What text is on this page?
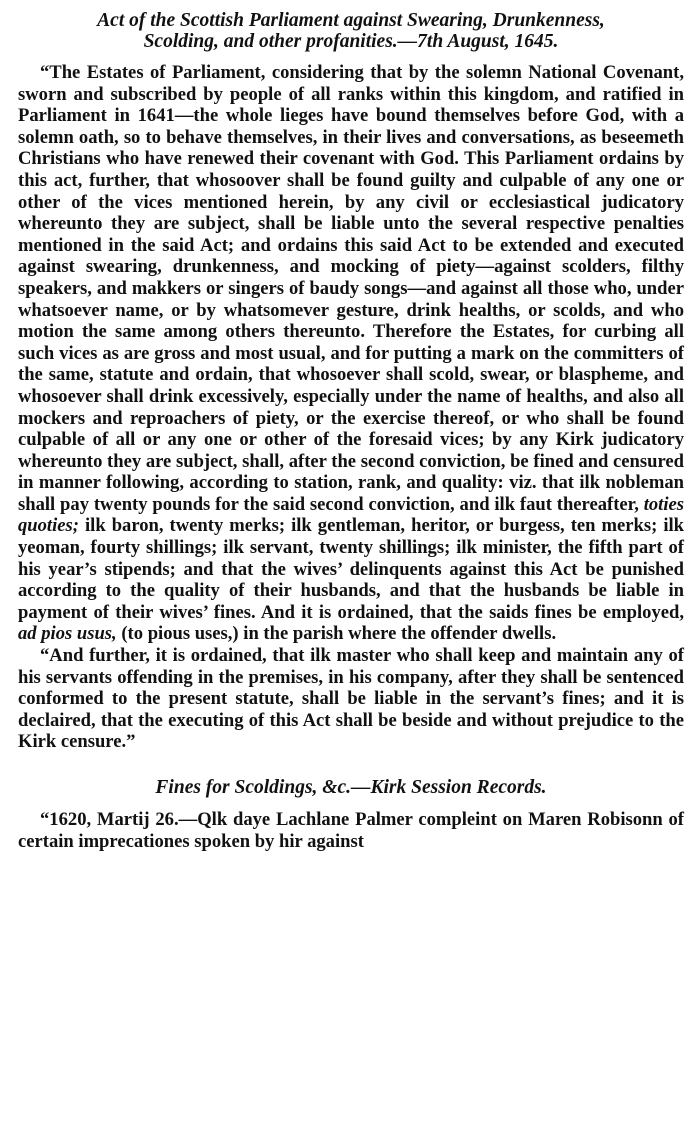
Act of the Scottish Parliament against Swearing, Drunkenness,
Scolding, and other profanities.—7th August, 1645.

“The Estates of Parliament, considering that by the solemn National Covenant, sworn and subscribed by people of all ranks within this kingdom, and ratified in Parliament in 1641—the whole lieges have bound themselves before God, with a solemn oath, so to behave themselves, in their lives and conversations, as beseemeth Christians who have renewed their covenant with God. This Parliament ordains by this act, further, that whosoover shall be found guilty and culpable of any one or other of the vices mentioned herein, by any civil or ecclesiastical judicatory whereunto they are subject, shall be liable unto the several respective penalties mentioned in the said Act; and ordains this said Act to be extended and executed against swearing, drunkenness, and mocking of piety—against scolders, filthy speakers, and makkers or singers of baudy songs—and against all those who, under whatsoever name, or by whatsomever gesture, drink healths, or scolds, and who motion the same among others thereunto. Therefore the Estates, for curbing all such vices as are gross and most usual, and for putting a mark on the committers of the same, statute and ordain, that whosoever shall scold, swear, or blaspheme, and whosoever shall drink excessively, especially under the name of healths, and also all mockers and reproachers of piety, or the exercise thereof, or who shall be found culpable of all or any one or other of the foresaid vices; by any Kirk judicatory whereunto they are subject, shall, after the second conviction, be fined and censured in manner following, according to station, rank, and quality: viz. that ilk nobleman shall pay twenty pounds for the said second conviction, and ilk faut thereafter, toties quoties; ilk baron, twenty merks; ilk gentleman, heritor, or burgess, ten merks; ilk yeoman, fourty shillings; ilk servant, twenty shillings; ilk minister, the fifth part of his year’s stipends; and that the wives’ delinquents against this Act be punished according to the quality of their husbands, and that the husbands be liable in payment of their wives’ fines. And it is ordained, that the saids fines be employed, ad pios usus, (to pious uses,) in the parish where the offender dwells.

“And further, it is ordained, that ilk master who shall keep and maintain any of his servants offending in the premises, in his company, after they shall be sentenced conformed to the present statute, shall be liable in the servant’s fines; and it is declaired, that the executing of this Act shall be beside and without prejudice to the Kirk censure.”

Fines for Scoldings, &c.—Kirk Session Records.

“1620, Martij 26.—Qlk daye Lachlane Palmer compleint on Maren Robisonn of certain imprecationes spoken by hir against
